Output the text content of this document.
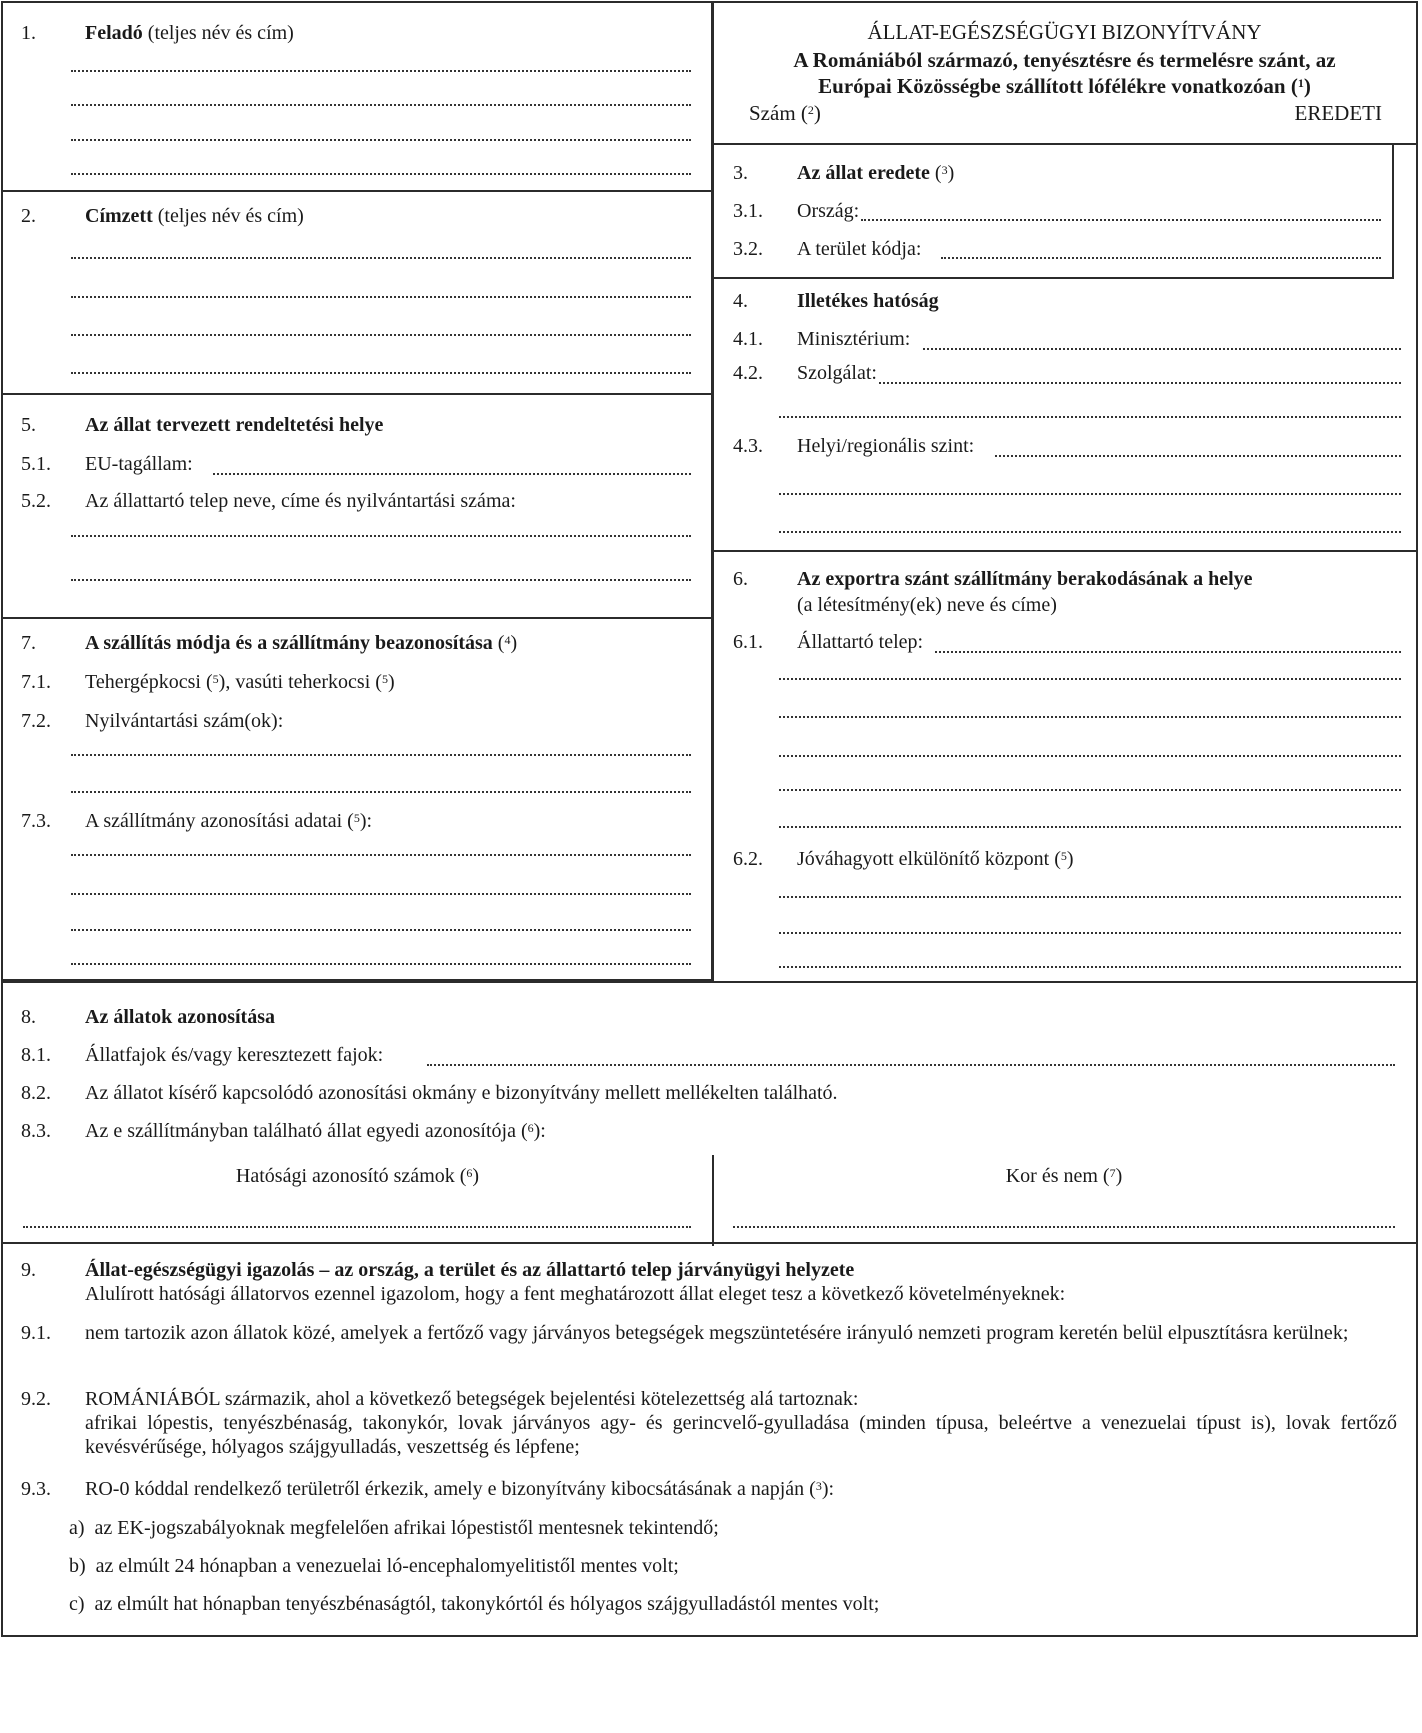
1.	Feladó (teljes név és cím)
2.	Címzett (teljes név és cím)
5.	Az állat tervezett rendeltetési helye
5.1.	EU-tagállam:
5.2.	Az állattartó telep neve, címe és nyilvántartási száma:
7.	A szállítás módja és a szállítmány beazonosítása ($^4$)
7.1.	Tehergépkocsi ($^5$), vasúti teherkocsi ($^5$)
7.2.	Nyilvántartási szám(ok):
7.3.	A szállítmány azonosítási adatai ($^5$):
ÁLLAT-EGÉSZSÉGÜGYI BIZONYÍTVÁNY
A Romániából származó, tenyésztésre és termelésre szánt, az
Európai Közösségbe szállított lófélékre vonatkozóan ($^1$)
Szám ($^2$)	EREDETI
3.	Az állat eredete ($^3$)
3.1.	Ország:
3.2.	A terület kódja:
4.	Illetékes hatóság
4.1.	Minisztérium:
4.2.	Szolgálat:
4.3.	Helyi/regionális szint:
6.	Az exportra szánt szállítmány berakodásának a helye
(a létesítmény(ek) neve és címe)
6.1.	Állattartó telep:
6.2.	Jóváhagyott elkülönítő központ ($^5$)
8.	Az állatok azonosítása
8.1.	Állatfajok és/vagy keresztezett fajok:
8.2.	Az állatot kísérő kapcsolódó azonosítási okmány e bizonyítvány mellett mellékelten található.
8.3.	Az e szállítmányban található állat egyedi azonosítója ($^6$):
Hatósági azonosító számok ($^6$)	Kor és nem ($^7$)
9.	Állat-egészségügyi igazolás – az ország, a terület és az állattartó telep járványügyi helyzete
Alulírott hatósági állatorvos ezennel igazolom, hogy a fent meghatározott állat eleget tesz a következő követelményeknek:
9.1.	nem tartozik azon állatok közé, amelyek a fertőző vagy járványos betegségek megszüntetésére irányuló nemzeti program keretén belül elpusztításra kerülnek;
9.2.	ROMÁNIÁBÓL származik, ahol a következő betegségek bejelentési kötelezettség alá tartoznak:
afrikai lópestis, tenyészbénaság, takonykór, lovak járványos agy- és gerincvelő-gyulladása (minden típusa, beleértve a venezuelai típust is), lovak fertőző kevésvérűsége, hólyagos szájgyulladás, veszettség és lépfene;
9.3.	RO-0 kóddal rendelkező területről érkezik, amely e bizonyítvány kibocsátásának a napján ($^3$):
a) az EK-jogszabályoknak megfelelően afrikai lópestistől mentesnek tekintendő;
b) az elmúlt 24 hónapban a venezuelai ló-encephalomyelitistől mentes volt;
c) az elmúlt hat hónapban tenyészbénaságtól, takonykórtól és hólyagos szájgyulladástól mentes volt;
